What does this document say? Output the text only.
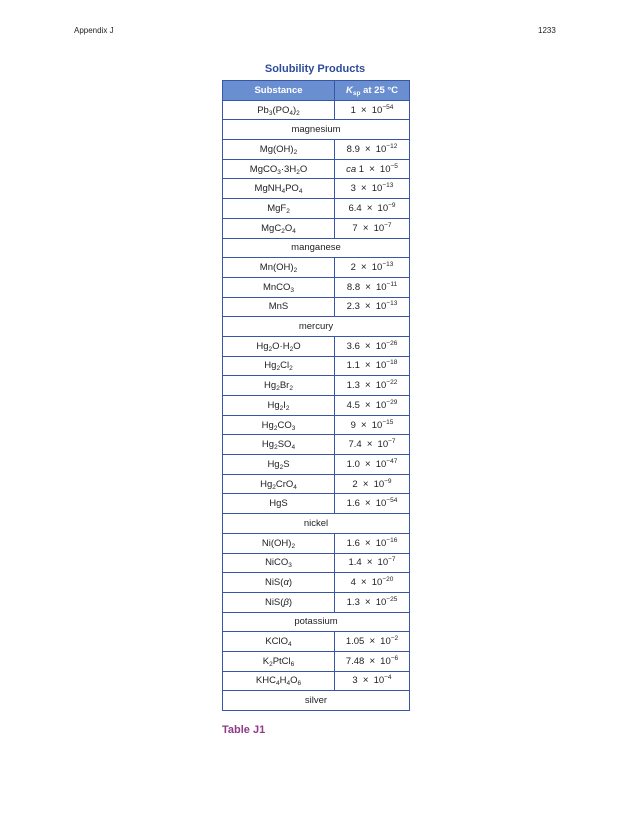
Appendix J	1233
Solubility Products
Substance	$K_{sp}$ at 25 °C
$Pb_3(PO_4)_2$	$1 \times 10^{-54}$
magnesium	
$Mg(OH)_2$	$8.9 \times 10^{-12}$
$MgCO_3\cdot 3H_2O$	ca $1 \times 10^{-5}$
$MgNH_4PO_4$	$3 \times 10^{-13}$
MgF$_2$	$6.4 \times 10^{-9}$
$MgC_2O_4$	$7 \times 10^{-7}$
manganese	
$Mn(OH)_2$	$2 \times 10^{-13}$
MnCO$_3$	$8.8 \times 10^{-11}$
MnS	$2.3 \times 10^{-13}$
mercury	
$Hg_2O\cdot H_2O$	$3.6 \times 10^{-26}$
$Hg_2Cl_2$	$1.1 \times 10^{-18}$
$Hg_2Br_2$	$1.3 \times 10^{-22}$
$Hg_2I_2$	$4.5 \times 10^{-29}$
$Hg_2CO_3$	$9 \times 10^{-15}$
$Hg_2SO_4$	$7.4 \times 10^{-7}$
$Hg_2S$	$1.0 \times 10^{-47}$
$Hg_2CrO_4$	$2 \times 10^{-9}$
HgS	$1.6 \times 10^{-54}$
nickel	
$Ni(OH)_2$	$1.6 \times 10^{-16}$
NiCO$_3$	$1.4 \times 10^{-7}$
NiS(α)	$4 \times 10^{-20}$
NiS(β)	$1.3 \times 10^{-25}$
potassium	
KClO$_4$	$1.05 \times 10^{-2}$
$K_2PtCl_6$	$7.48 \times 10^{-6}$
$KHC_4H_4O_6$	$3 \times 10^{-4}$
silver	
Table J1
